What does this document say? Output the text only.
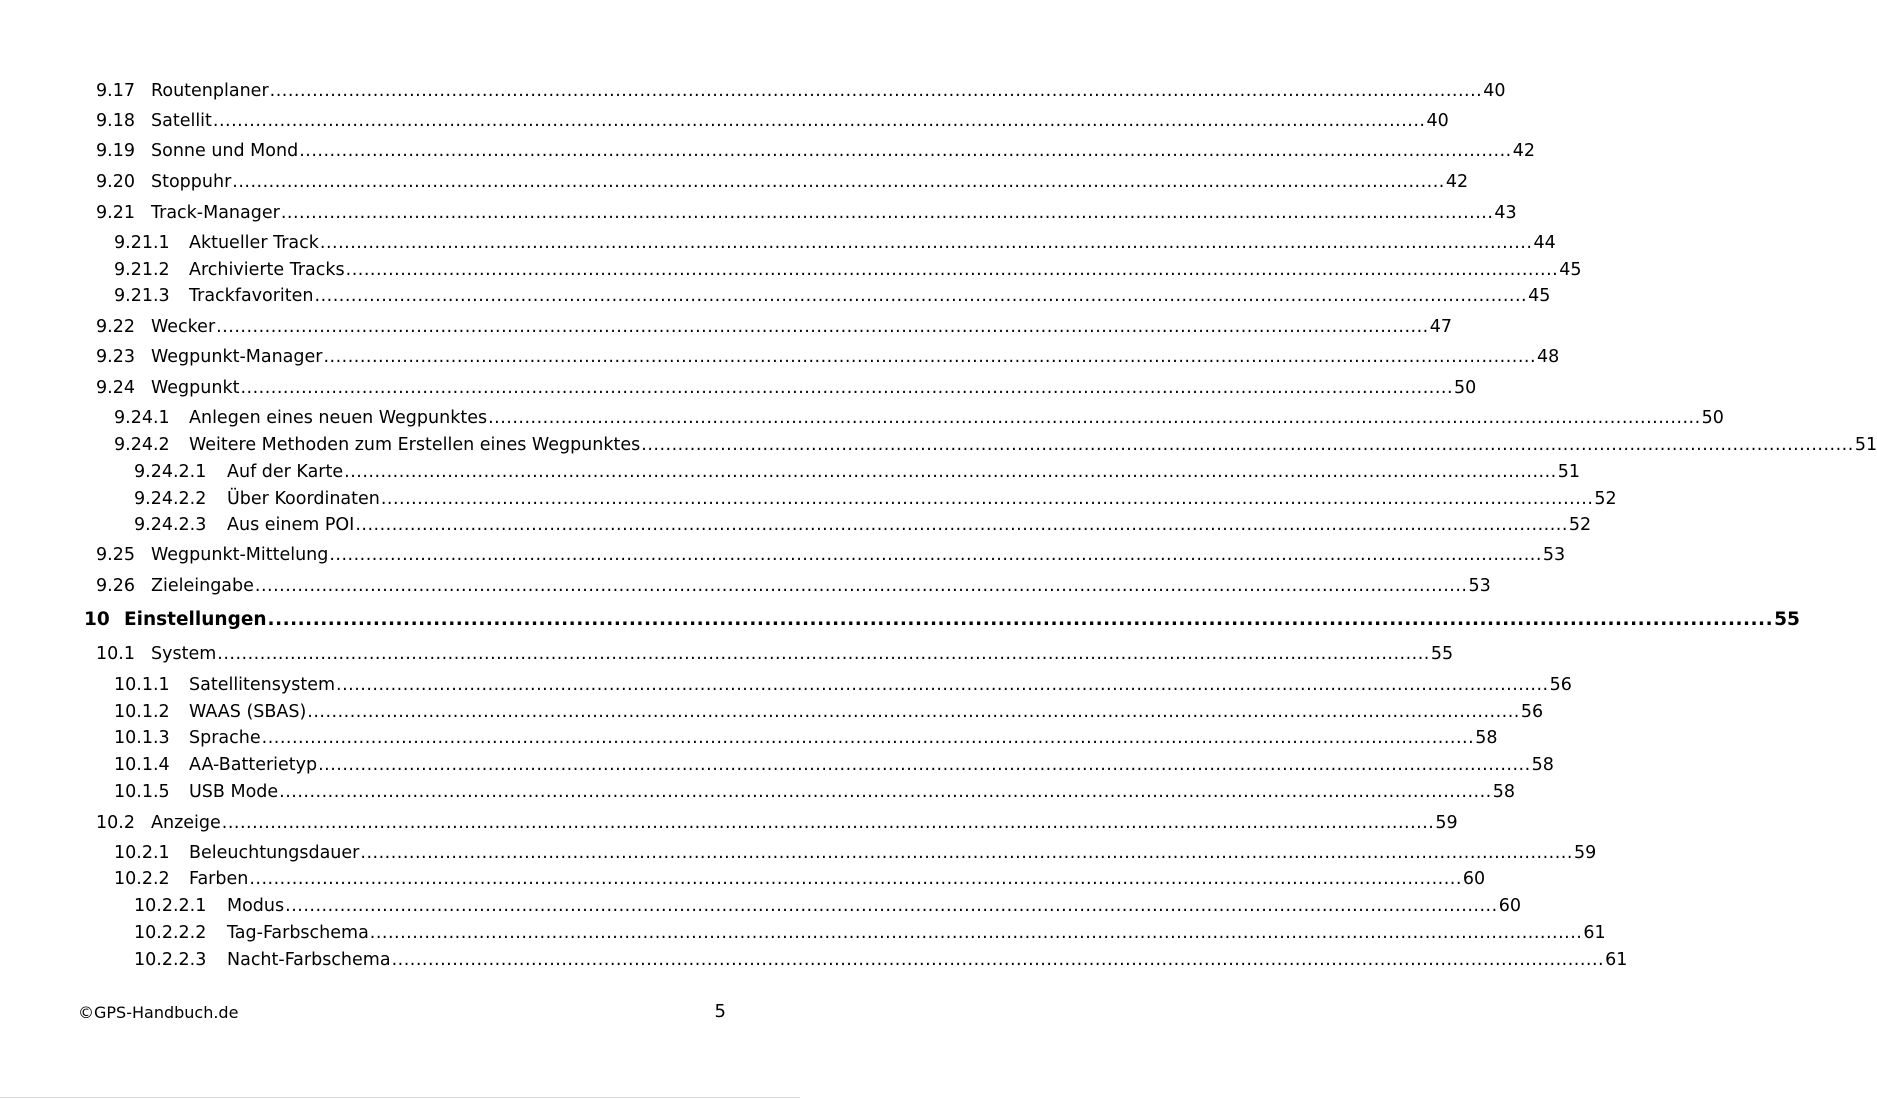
9.17 Routenplaner ........................................................................................................................................................................................................ 40
9.18 Satellit ........................................................................................................................................................................................................ 40
9.19 Sonne und Mond ........................................................................................................................................................................................................ 42
9.20 Stoppuhr ........................................................................................................................................................................................................ 42
9.21 Track-Manager ........................................................................................................................................................................................................ 43
9.21.1	Aktueller Track ........................................................................................................................................................................................................ 44
9.21.2	Archivierte Tracks ........................................................................................................................................................................................................ 45
9.21.3	Trackfavoriten ........................................................................................................................................................................................................ 45
9.22 Wecker ........................................................................................................................................................................................................ 47
9.23 Wegpunkt-Manager ........................................................................................................................................................................................................ 48
9.24 Wegpunkt ........................................................................................................................................................................................................ 50
9.24.1	Anlegen eines neuen Wegpunktes ........................................................................................................................................................................................................ 50
9.24.2	Weitere Methoden zum Erstellen eines Wegpunktes ........................................................................................................................................................................................................ 51
9.24.2.1	Auf der Karte ........................................................................................................................................................................................................ 51
9.24.2.2	Über Koordinaten ........................................................................................................................................................................................................ 52
9.24.2.3	Aus einem POI ........................................................................................................................................................................................................ 52
9.25 Wegpunkt-Mittelung ........................................................................................................................................................................................................ 53
9.26 Zieleingabe ........................................................................................................................................................................................................ 53
10 Einstellungen ........................................................................................................................................................................................................ 55
10.1 System ........................................................................................................................................................................................................ 55
10.1.1	Satellitensystem ........................................................................................................................................................................................................ 56
10.1.2	WAAS (SBAS) ........................................................................................................................................................................................................ 56
10.1.3	Sprache ........................................................................................................................................................................................................ 58
10.1.4	AA-Batterietyp ........................................................................................................................................................................................................ 58
10.1.5	USB Mode ........................................................................................................................................................................................................ 58
10.2 Anzeige ........................................................................................................................................................................................................ 59
10.2.1	Beleuchtungsdauer ........................................................................................................................................................................................................ 59
10.2.2	Farben ........................................................................................................................................................................................................ 60
10.2.2.1	Modus ........................................................................................................................................................................................................ 60
10.2.2.2	Tag-Farbschema ........................................................................................................................................................................................................ 61
10.2.2.3	Nacht-Farbschema ........................................................................................................................................................................................................ 61
©GPS-Handbuch.de	5
